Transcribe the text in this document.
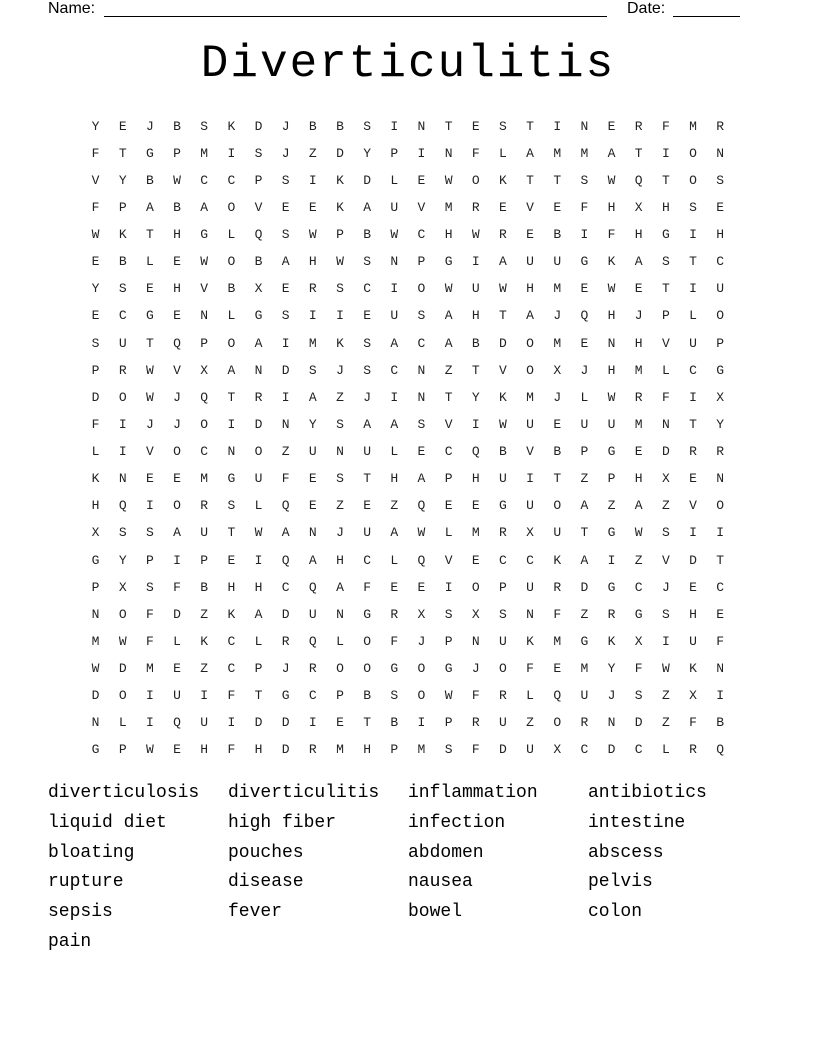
Name:	Date:
Diverticulitis
Y	E	J	B	S	K	D	J	B	B	S	I	N	T	E	S	T	I	N	E	R	F	M	R
F	T	G	P	M	I	S	J	Z	D	Y	P	I	N	F	L	A	M	M	A	T	I	O	N
V	Y	B	W	C	C	P	S	I	K	D	L	E	W	O	K	T	T	S	W	Q	T	O	S
F	P	A	B	A	O	V	E	E	K	A	U	V	M	R	E	V	E	F	H	X	H	S	E
W	K	T	H	G	L	Q	S	W	P	B	W	C	H	W	R	E	B	I	F	H	G	I	H
E	B	L	E	W	O	B	A	H	W	S	N	P	G	I	A	U	U	G	K	A	S	T	C
Y	S	E	H	V	B	X	E	R	S	C	I	O	W	U	W	H	M	E	W	E	T	I	U
E	C	G	E	N	L	G	S	I	I	E	U	S	A	H	T	A	J	Q	H	J	P	L	O
S	U	T	Q	P	O	A	I	M	K	S	A	C	A	B	D	O	M	E	N	H	V	U	P
P	R	W	V	X	A	N	D	S	J	S	C	N	Z	T	V	O	X	J	H	M	L	C	G
D	O	W	J	Q	T	R	I	A	Z	J	I	N	T	Y	K	M	J	L	W	R	F	I	X
F	I	J	J	O	I	D	N	Y	S	A	A	S	V	I	W	U	E	U	U	M	N	T	Y
L	I	V	O	C	N	O	Z	U	N	U	L	E	C	Q	B	V	B	P	G	E	D	R	R
K	N	E	E	M	G	U	F	E	S	T	H	A	P	H	U	I	T	Z	P	H	X	E	N
H	Q	I	O	R	S	L	Q	E	Z	E	Z	Q	E	E	G	U	O	A	Z	A	Z	V	O
X	S	S	A	U	T	W	A	N	J	U	A	W	L	M	R	X	U	T	G	W	S	I	I
G	Y	P	I	P	E	I	Q	A	H	C	L	Q	V	E	C	C	K	A	I	Z	V	D	T
P	X	S	F	B	H	H	C	Q	A	F	E	E	I	O	P	U	R	D	G	C	J	E	C
N	O	F	D	Z	K	A	D	U	N	G	R	X	S	X	S	N	F	Z	R	G	S	H	E
M	W	F	L	K	C	L	R	Q	L	O	F	J	P	N	U	K	M	G	K	X	I	U	F
W	D	M	E	Z	C	P	J	R	O	O	G	O	G	J	O	F	E	M	Y	F	W	K	N
D	O	I	U	I	F	T	G	C	P	B	S	O	W	F	R	L	Q	U	J	S	Z	X	I
N	L	I	Q	U	I	D	D	I	E	T	B	I	P	R	U	Z	O	R	N	D	Z	F	B
G	P	W	E	H	F	H	D	R	M	H	P	M	S	F	D	U	X	C	D	C	L	R	Q
diverticulosis	diverticulitis	inflammation	antibiotics
liquid diet	high fiber	infection	intestine
bloating	pouches	abdomen	abscess
rupture	disease	nausea	pelvis
sepsis	fever	bowel	colon
pain
